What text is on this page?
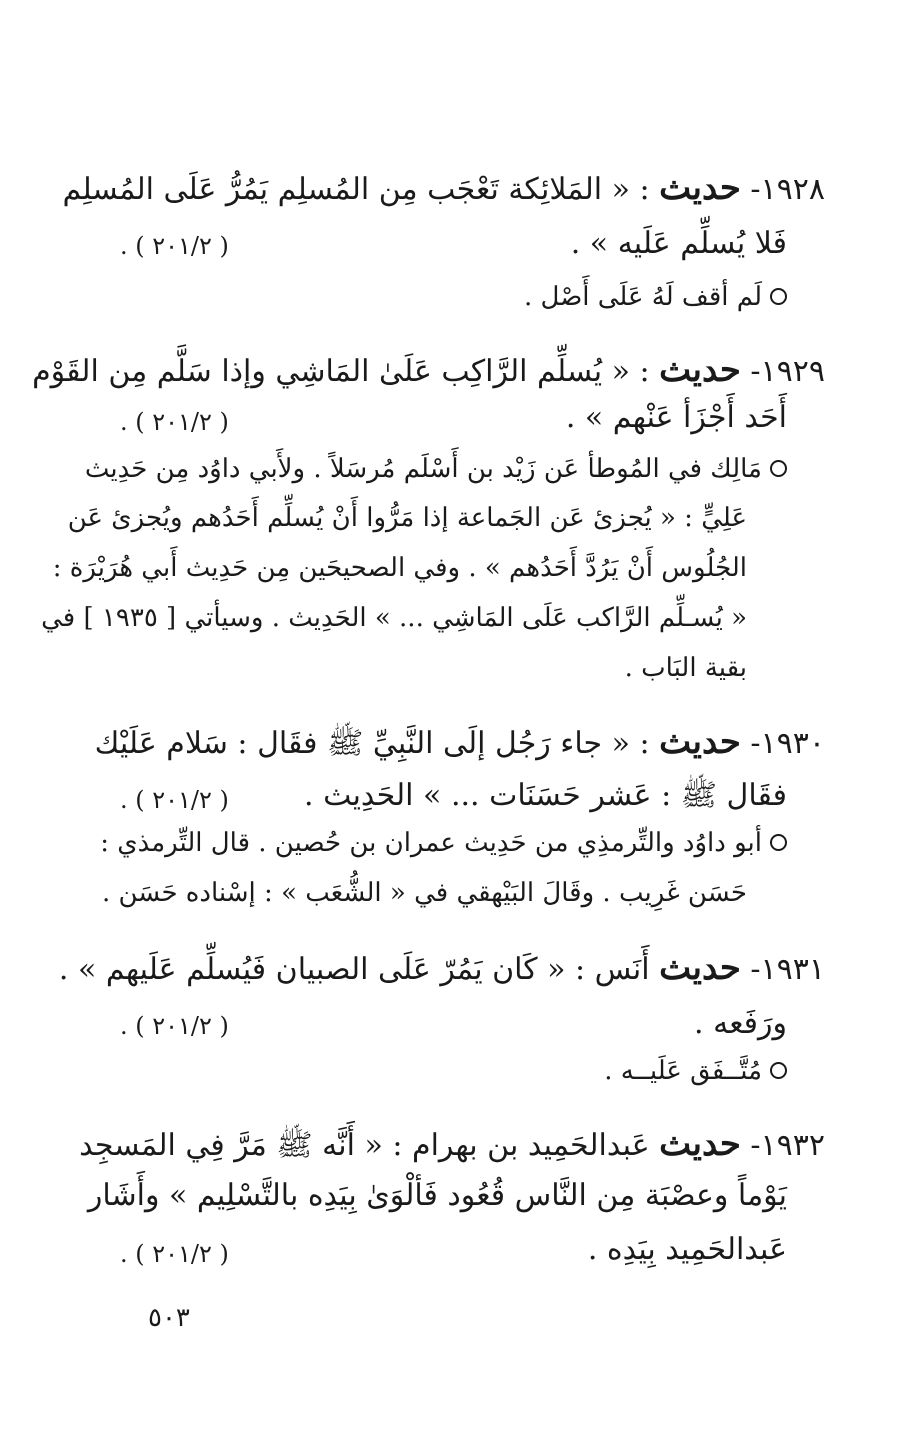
١٩٢٨- حديث : « المَلائِكة تَعْجَب مِن المُسلِم يَمُرُّ عَلَى المُسلِم
فَلا يُسلِّم عَلَيه » .
( ٢٠١/٢ ) .
لَم أقف لَهُ عَلَى أَصْل .
١٩٢٩- حديث : « يُسلِّم الرَّاكِب عَلَىٰ المَاشِي وإذا سَلَّم مِن القَوْم
أَحَد أَجْزَأ عَنْهم » .
( ٢٠١/٢ ) .
مَالِك في المُوطأ عَن زَيْد بن أَسْلَم مُرسَلاً . ولأَبي داوُد مِن حَدِيث
عَلِيٍّ : « يُجزئ عَن الجَماعة إذا مَرُّوا أَنْ يُسلِّم أَحَدُهم ويُجزئ عَن
الجُلُوس أَنْ يَرُدَّ أَحَدُهم » . وفي الصحيحَين مِن حَدِيث أَبي هُرَيْرَة :
« يُسـلِّم الرَّاكب عَلَى المَاشِي ... » الحَدِيث . وسيأتي [ ١٩٣٥ ] في
بقية البَاب .
١٩٣٠- حديث : « جاء رَجُل إلَى النَّبِيِّ ﷺ فقَال : سَلام عَلَيْك
فقَال ﷺ : عَشر حَسَنَات ... » الحَدِيث .
( ٢٠١/٢ ) .
أبو داوُد والتِّرمذِي من حَدِيث عمران بن حُصين . قال التِّرمذي :
حَسَن غَرِيب . وقَالَ البَيْهقي في « الشُّعَب » : إسْناده حَسَن .
١٩٣١- حديث أَنَس : « كَان يَمُرّ عَلَى الصبيان فَيُسلِّم عَلَيهم » .
ورَفَعه .
( ٢٠١/٢ ) .
مُتَّــفَق عَلَيــه .
١٩٣٢- حديث عَبدالحَمِيد بن بهرام : « أَنَّه ﷺ مَرَّ فِي المَسجِد
يَوْماً وعصْبَة مِن النَّاس قُعُود فَألْوَىٰ بِيَدِه بالتَّسْلِيم » وأَشَار
عَبدالحَمِيد بِيَدِه .
( ٢٠١/٢ ) .
٥٠٣
